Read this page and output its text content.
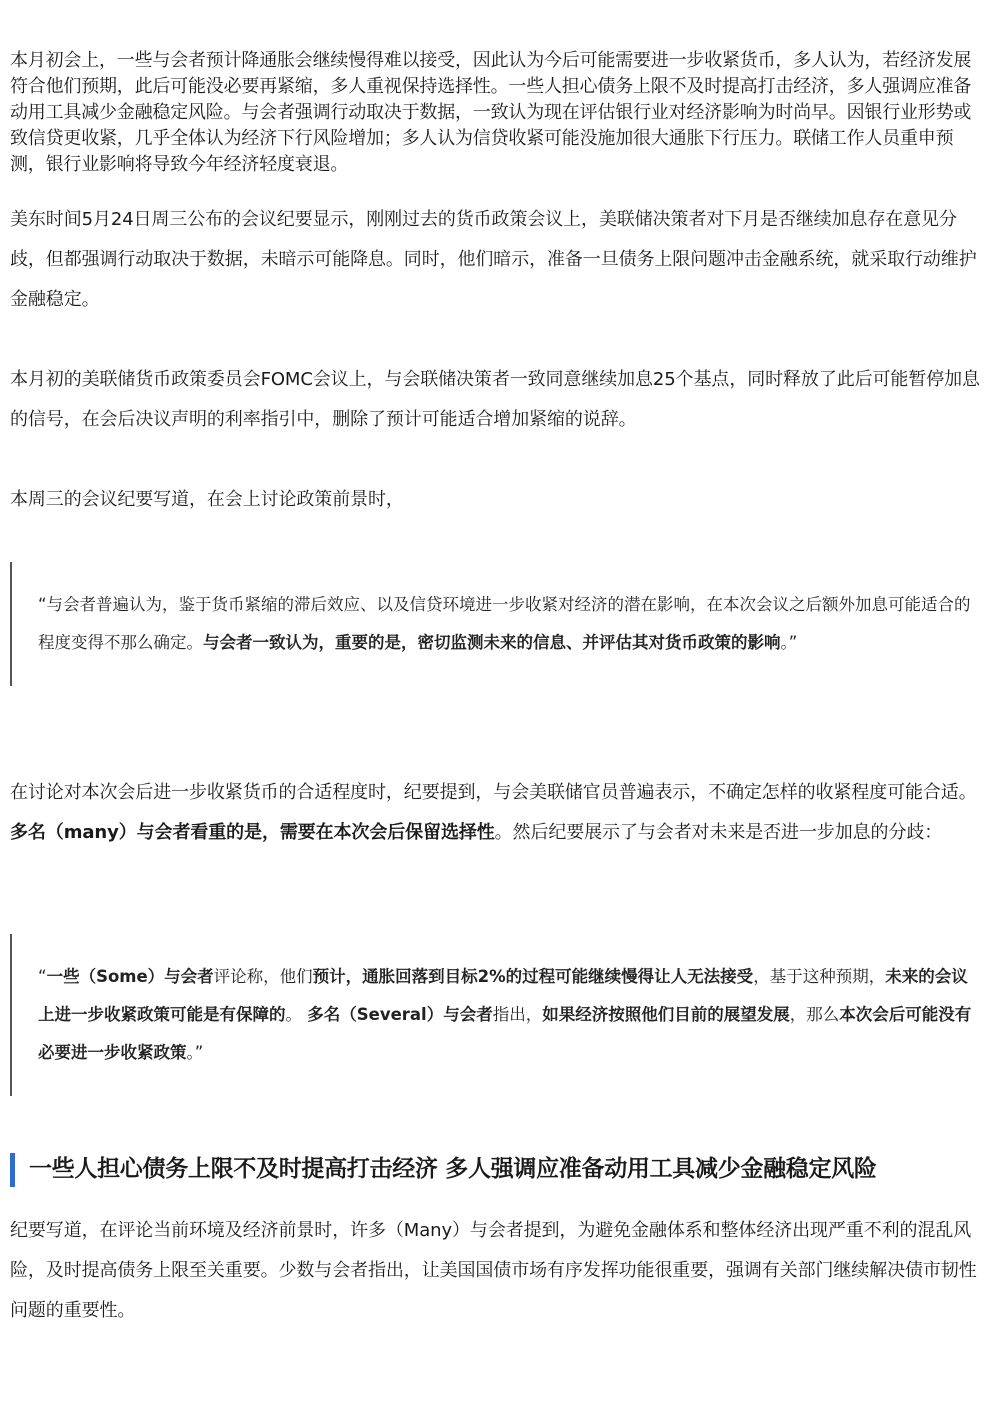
本月初会上，一些与会者预计降通胀会继续慢得难以接受，因此认为今后可能需要进一步收紧货币，多人认为，若经济发展符合他们预期，此后可能没必要再紧缩，多人重视保持选择性。一些人担心债务上限不及时提高打击经济，多人强调应准备动用工具减少金融稳定风险。与会者强调行动取决于数据，一致认为现在评估银行业对经济影响为时尚早。因银行业形势或致信贷更收紧，几乎全体认为经济下行风险增加；多人认为信贷收紧可能没施加很大通胀下行压力。联储工作人员重申预测，银行业影响将导致今年经济轻度衰退。

美东时间5月24日周三公布的会议纪要显示，刚刚过去的货币政策会议上，美联储决策者对下月是否继续加息存在意见分歧，但都强调行动取决于数据，未暗示可能降息。同时，他们暗示，准备一旦债务上限问题冲击金融系统，就采取行动维护金融稳定。

本月初的美联储货币政策委员会FOMC会议上，与会联储决策者一致同意继续加息25个基点，同时释放了此后可能暂停加息的信号，在会后决议声明的利率指引中，删除了预计可能适合增加紧缩的说辞。

本周三的会议纪要写道，在会上讨论政策前景时，

“与会者普遍认为，鉴于货币紧缩的滞后效应、以及信贷环境进一步收紧对经济的潜在影响，在本次会议之后额外加息可能适合的程度变得不那么确定。与会者一致认为，重要的是，密切监测未来的信息、并评估其对货币政策的影响。”

在讨论对本次会后进一步收紧货币的合适程度时，纪要提到，与会美联储官员普遍表示，不确定怎样的收紧程度可能合适。多名（many）与会者看重的是，需要在本次会后保留选择性。然后纪要展示了与会者对未来是否进一步加息的分歧：

“一些（Some）与会者评论称，他们预计，通胀回落到目标2%的过程可能继续慢得让人无法接受，基于这种预期，未来的会议上进一步收紧政策可能是有保障的。 多名（Several）与会者指出，如果经济按照他们目前的展望发展，那么本次会后可能没有必要进一步收紧政策。”

一些人担心债务上限不及时提高打击经济 多人强调应准备动用工具减少金融稳定风险

纪要写道，在评论当前环境及经济前景时，许多（Many）与会者提到，为避免金融体系和整体经济出现严重不利的混乱风险，及时提高债务上限至关重要。少数与会者指出，让美国国债市场有序发挥功能很重要，强调有关部门继续解决债市韧性问题的重要性。
